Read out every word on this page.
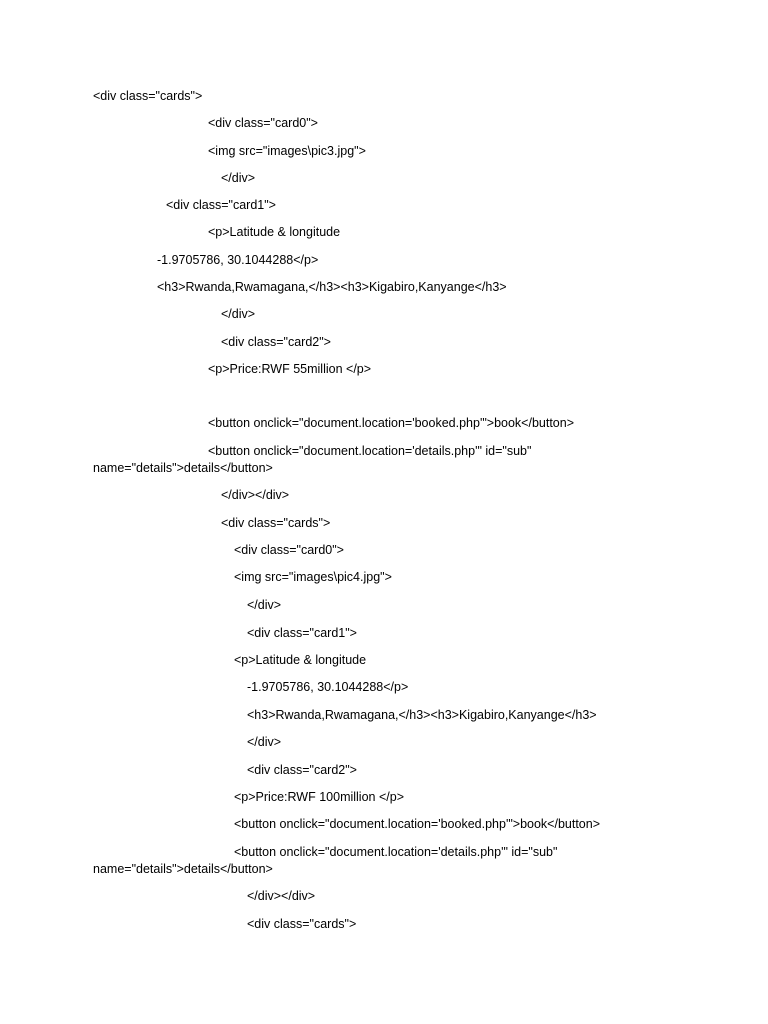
<div class="cards">
<div class="card0">
<img src="images\pic3.jpg">
</div>
<div class="card1">
<p>Latitude & longitude
-1.9705786, 30.1044288</p>
<h3>Rwanda,Rwamagana,</h3><h3>Kigabiro,Kanyange</h3>
</div>
<div class="card2">
<p>Price:RWF 55million </p>
<button onclick="document.location='booked.php'">book</button>
<button onclick="document.location='details.php'" id="sub"
name="details">details</button>
</div></div>
<div class="cards">
<div class="card0">
<img src="images\pic4.jpg">
</div>
<div class="card1">
<p>Latitude & longitude
-1.9705786, 30.1044288</p>
<h3>Rwanda,Rwamagana,</h3><h3>Kigabiro,Kanyange</h3>
</div>
<div class="card2">
<p>Price:RWF 100million </p>
<button onclick="document.location='booked.php'">book</button>
<button onclick="document.location='details.php'" id="sub"
name="details">details</button>
</div></div>
<div class="cards">
